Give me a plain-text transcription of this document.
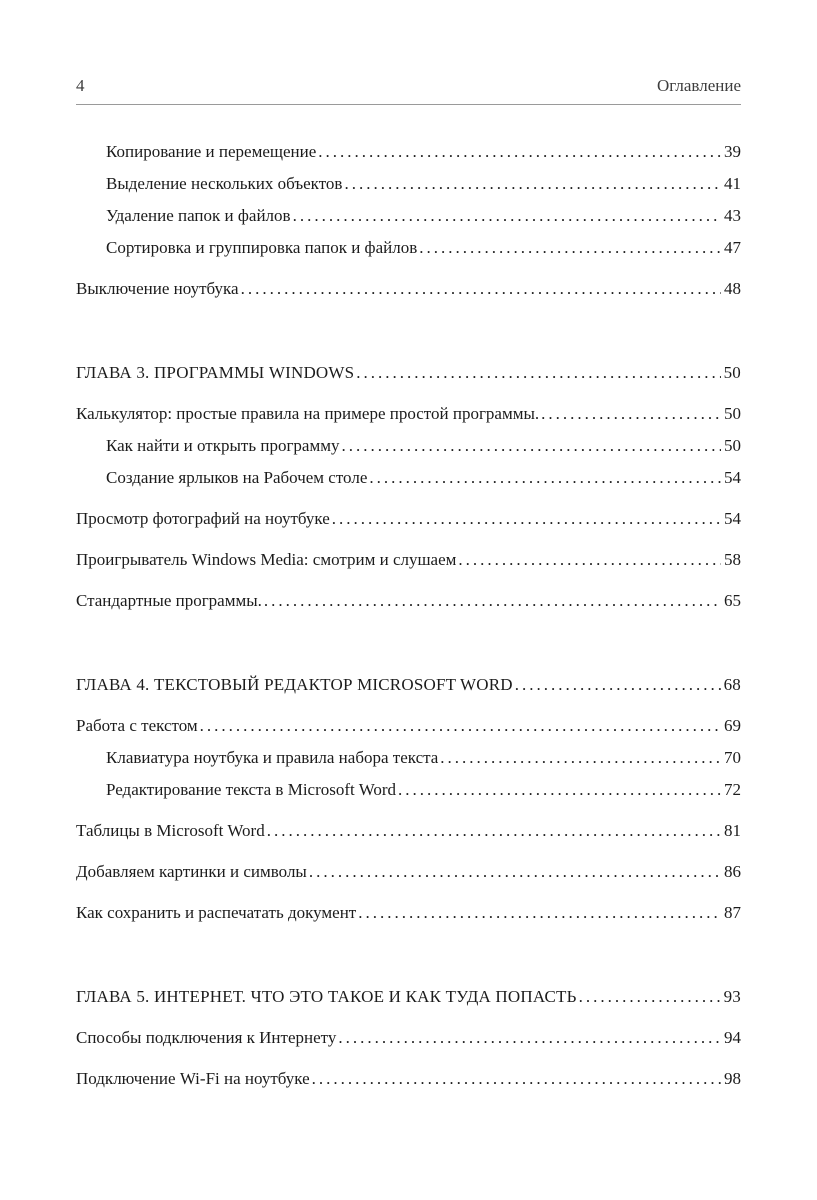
4	Оглавление
Копирование и перемещение .....	39
Выделение нескольких объектов .....	41
Удаление папок и файлов .....	43
Сортировка и группировка папок и файлов .....	47
Выключение ноутбука .....	48
ГЛАВА 3. ПРОГРАММЫ WINDOWS .....	50
Калькулятор: простые правила на примере простой программы. .....	50
Как найти и открыть программу .....	50
Создание ярлыков на Рабочем столе .....	54
Просмотр фотографий на ноутбуке .....	54
Проигрыватель Windows Media: смотрим и слушаем .....	58
Стандартные программы. .....	65
ГЛАВА 4. ТЕКСТОВЫЙ РЕДАКТОР MICROSOFT WORD .....	68
Работа с текстом .....	69
Клавиатура ноутбука и правила набора текста .....	70
Редактирование текста в Microsoft Word .....	72
Таблицы в Microsoft Word .....	81
Добавляем картинки и символы .....	86
Как сохранить и распечатать документ .....	87
ГЛАВА 5. ИНТЕРНЕТ. ЧТО ЭТО ТАКОЕ И КАК ТУДА ПОПАСТЬ .....	93
Способы подключения к Интернету .....	94
Подключение Wi-Fi на ноутбуке .....	98
